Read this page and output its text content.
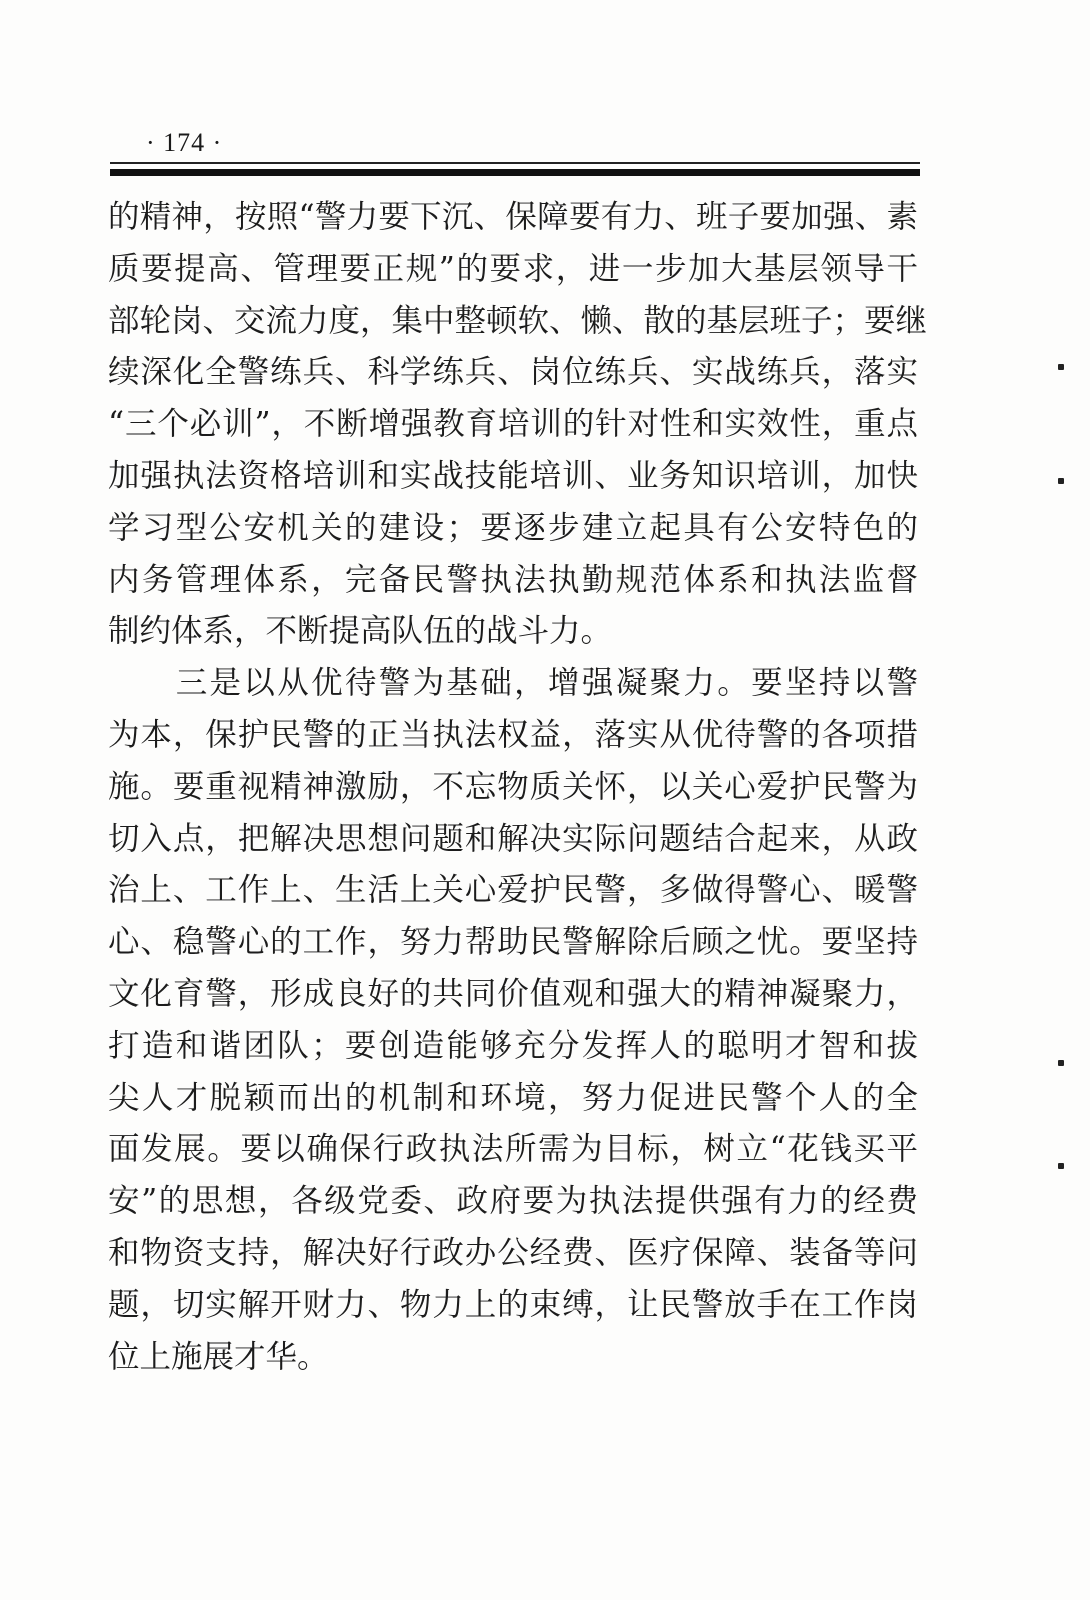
· 174 ·
的精神，按照“警力要下沉、保障要有力、班子要加强、素
质要提高、管理要正规”的要求，进一步加大基层领导干
部轮岗、交流力度，集中整顿软、懒、散的基层班子；要继
续深化全警练兵、科学练兵、岗位练兵、实战练兵，落实
“三个必训”，不断增强教育培训的针对性和实效性，重点
加强执法资格培训和实战技能培训、业务知识培训，加快
学习型公安机关的建设；要逐步建立起具有公安特色的
内务管理体系，完备民警执法执勤规范体系和执法监督
制约体系，不断提高队伍的战斗力。
　　三是以从优待警为基础，增强凝聚力。要坚持以警
为本，保护民警的正当执法权益，落实从优待警的各项措
施。要重视精神激励，不忘物质关怀，以关心爱护民警为
切入点，把解决思想问题和解决实际问题结合起来，从政
治上、工作上、生活上关心爱护民警，多做得警心、暖警
心、稳警心的工作，努力帮助民警解除后顾之忧。要坚持
文化育警，形成良好的共同价值观和强大的精神凝聚力，
打造和谐团队；要创造能够充分发挥人的聪明才智和拔
尖人才脱颖而出的机制和环境，努力促进民警个人的全
面发展。要以确保行政执法所需为目标，树立“花钱买平
安”的思想，各级党委、政府要为执法提供强有力的经费
和物资支持，解决好行政办公经费、医疗保障、装备等问
题，切实解开财力、物力上的束缚，让民警放手在工作岗
位上施展才华。
